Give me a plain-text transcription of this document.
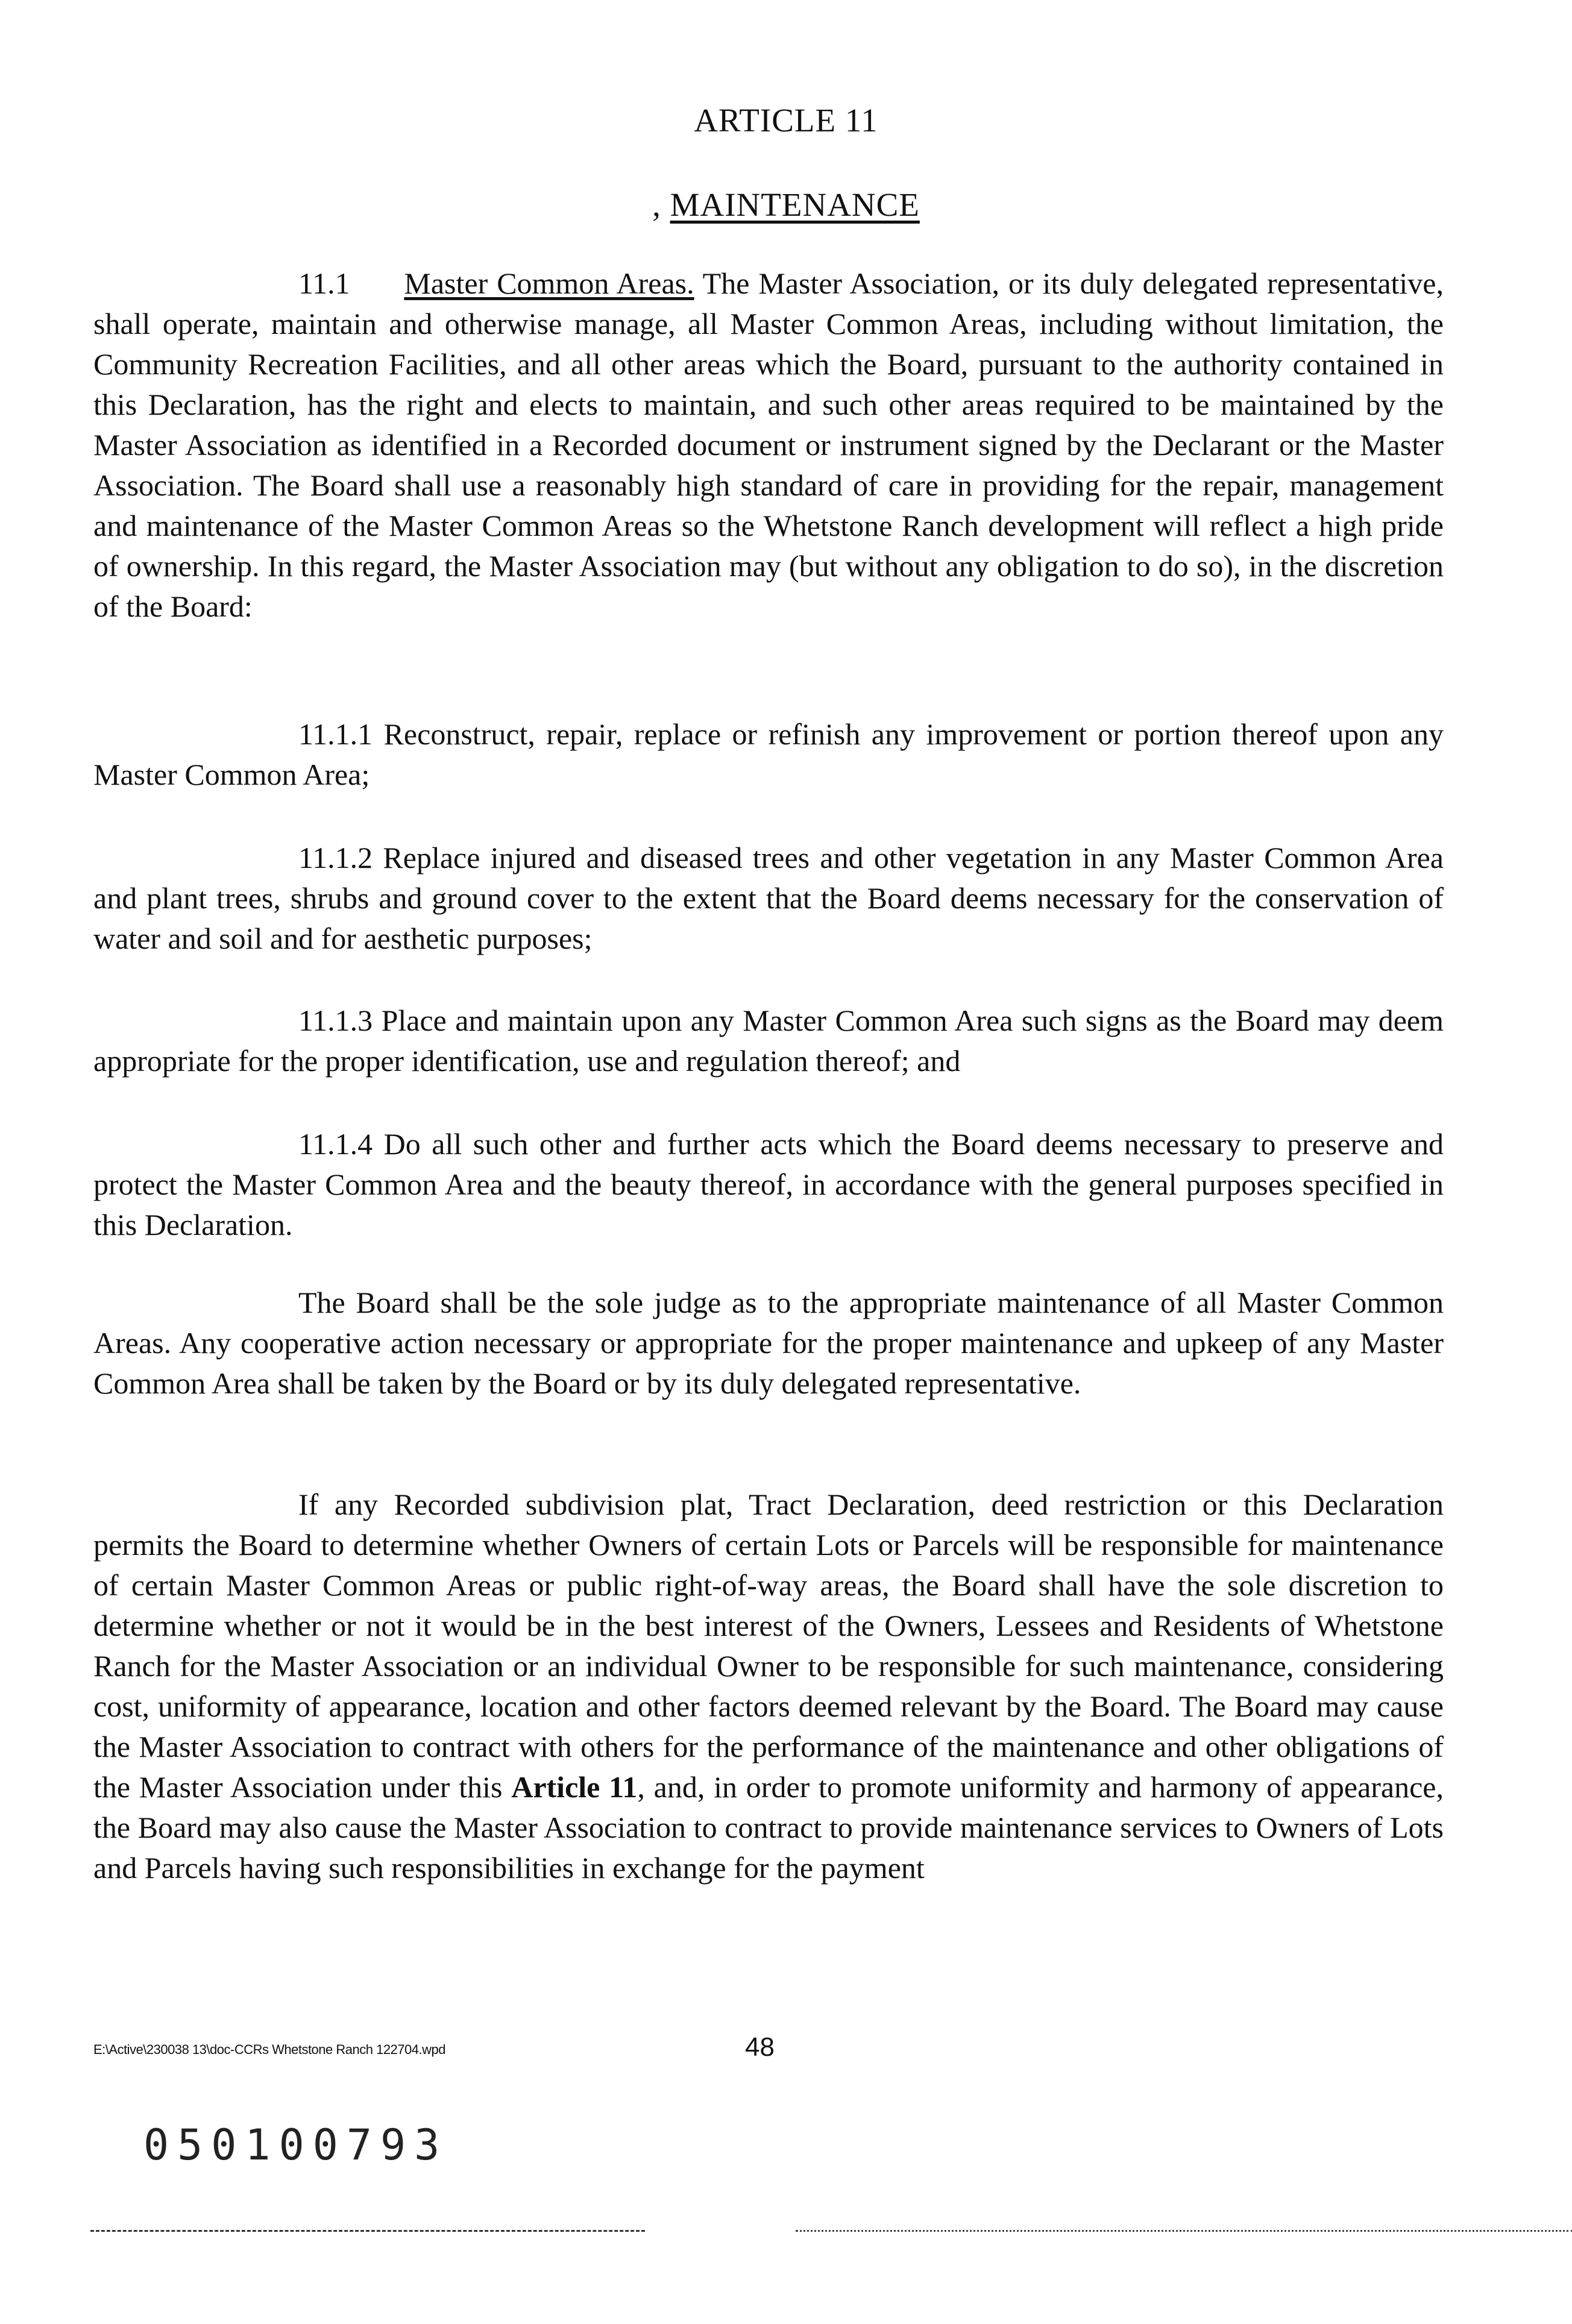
ARTICLE 11
, MAINTENANCE

11.1 Master Common Areas. The Master Association, or its duly delegated representative, shall operate, maintain and otherwise manage, all Master Common Areas, including without limitation, the Community Recreation Facilities, and all other areas which the Board, pursuant to the authority contained in this Declaration, has the right and elects to maintain, and such other areas required to be maintained by the Master Association as identified in a Recorded document or instrument signed by the Declarant or the Master Association. The Board shall use a reasonably high standard of care in providing for the repair, management and maintenance of the Master Common Areas so the Whetstone Ranch development will reflect a high pride of ownership. In this regard, the Master Association may (but without any obligation to do so), in the discretion of the Board:

11.1.1 Reconstruct, repair, replace or refinish any improvement or portion thereof upon any Master Common Area;

11.1.2 Replace injured and diseased trees and other vegetation in any Master Common Area and plant trees, shrubs and ground cover to the extent that the Board deems necessary for the conservation of water and soil and for aesthetic purposes;

11.1.3 Place and maintain upon any Master Common Area such signs as the Board may deem appropriate for the proper identification, use and regulation thereof; and

11.1.4 Do all such other and further acts which the Board deems necessary to preserve and protect the Master Common Area and the beauty thereof, in accordance with the general purposes specified in this Declaration.

The Board shall be the sole judge as to the appropriate maintenance of all Master Common Areas. Any cooperative action necessary or appropriate for the proper maintenance and upkeep of any Master Common Area shall be taken by the Board or by its duly delegated representative.

If any Recorded subdivision plat, Tract Declaration, deed restriction or this Declaration permits the Board to determine whether Owners of certain Lots or Parcels will be responsible for maintenance of certain Master Common Areas or public right-of-way areas, the Board shall have the sole discretion to determine whether or not it would be in the best interest of the Owners, Lessees and Residents of Whetstone Ranch for the Master Association or an individual Owner to be responsible for such maintenance, considering cost, uniformity of appearance, location and other factors deemed relevant by the Board. The Board may cause the Master Association to contract with others for the performance of the maintenance and other obligations of the Master Association under this Article 11, and, in order to promote uniformity and harmony of appearance, the Board may also cause the Master Association to contract to provide maintenance services to Owners of Lots and Parcels having such responsibilities in exchange for the payment

E:\Active\230038 13\doc-CCRs Whetstone Ranch 122704.wpd	48
050100793
